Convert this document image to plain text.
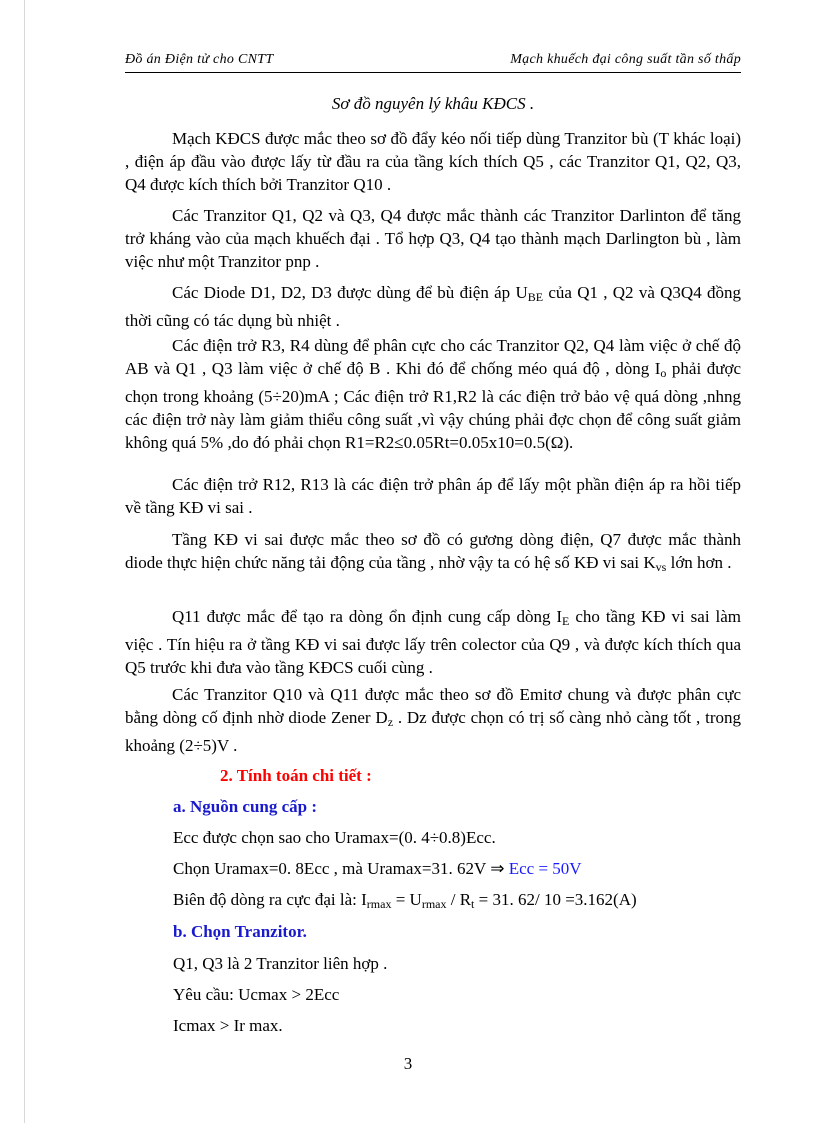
Đồ án Điện tử cho CNTT	Mạch khuếch đại công suất tần số thấp

Sơ đồ nguyên lý khâu KĐCS .

Mạch KĐCS được mắc theo sơ đồ đẩy kéo nối tiếp dùng Tranzitor bù (T khác loại) , điện áp đầu vào được lấy từ đầu ra của tầng kích thích Q5 , các Tranzitor Q1, Q2, Q3, Q4 được kích thích bởi Tranzitor Q10 .

Các Tranzitor Q1, Q2 và Q3, Q4 được mắc thành các Tranzitor Darlinton để tăng trở kháng vào của mạch khuếch đại . Tổ hợp Q3, Q4 tạo thành mạch Darlington bù , làm việc như một Tranzitor pnp .

Các Diode D1, D2, D3 được dùng để bù điện áp $U_{BE}$ của Q1 , Q2 và Q3Q4 đồng thời cũng có tác dụng bù nhiệt .

Các điện trở R3, R4 dùng để phân cực cho các Tranzitor Q2, Q4 làm việc ở chế độ AB và Q1 , Q3 làm việc ở chế độ B . Khi đó để chống méo quá độ , dòng $I_o$ phải được chọn trong khoảng (5÷20)mA ; Các điện trở R1,R2 là các điện trở bảo vệ quá dòng ,nhng các điện trở này làm giảm thiểu công suất ,vì vậy chúng phải đợc chọn để công suất giảm không quá 5% ,do đó phải chọn R1=R2≤0.05Rt=0.05x10=0.5(Ω).

Các điện trở R12, R13 là các điện trở phân áp để lấy một phần điện áp ra hồi tiếp về tầng KĐ vi sai .

Tầng KĐ vi sai được mắc theo sơ đồ có gương dòng điện, Q7 được mắc thành diode thực hiện chức năng tải động của tầng , nhờ vậy ta có hệ số KĐ vi sai $K_{vs}$ lớn hơn .

Q11 được mắc để tạo ra dòng ổn định cung cấp dòng $I_E$ cho tầng KĐ vi sai làm việc . Tín hiệu ra ở tầng KĐ vi sai được lấy trên colector của Q9 , và được kích thích qua Q5 trước khi đưa vào tầng KĐCS cuối cùng .

Các Tranzitor Q10 và Q11 được mắc theo sơ đồ Emitơ chung và được phân cực bằng dòng cố định nhờ diode Zener $D_z$ . Dz được chọn có trị số càng nhỏ càng tốt , trong khoảng (2÷5)V .

2. Tính toán chi tiết :

a. Nguồn cung cấp :

Ecc được chọn sao cho Uramax=(0. 4÷0.8)Ecc.

Chọn Uramax=0. 8Ecc , mà Uramax=31. 62V ⇒ Ecc = 50V

Biên độ dòng ra cực đại là: $I_{rmax} = U_{rmax} / R_t = 31$. 62/ 10 =3.162(A)

b. Chọn Tranzitor.

Q1, Q3 là 2 Tranzitor liên hợp .

Yêu cầu: Ucmax > 2Ecc

Icmax > Ir max.

3
